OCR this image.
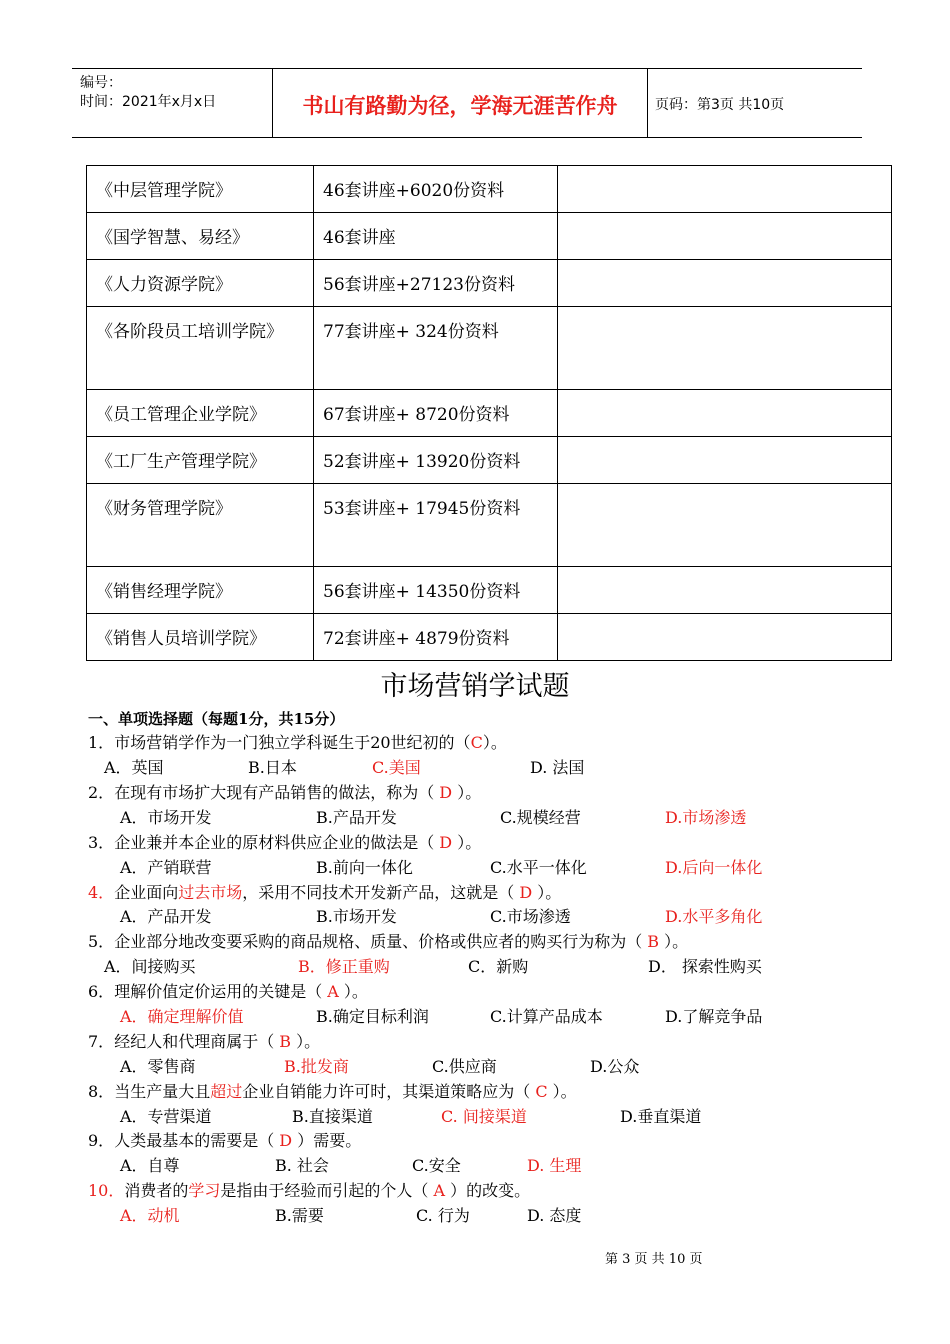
编号：
时间：2021年x月x日	书山有路勤为径，学海无涯苦作舟	页码：第3页 共10页
《中层管理学院》	46套讲座+6020份资料	
《国学智慧、易经》	46套讲座	
《人力资源学院》	56套讲座+27123份资料	
《各阶段员工培训学院》	77套讲座+ 324份资料	
《员工管理企业学院》	67套讲座+ 8720份资料	
《工厂生产管理学院》	52套讲座+ 13920份资料	
《财务管理学院》	53套讲座+ 17945份资料	
《销售经理学院》	56套讲座+ 14350份资料	
《销售人员培训学院》	72套讲座+ 4879份资料	
市场营销学试题
一、单项选择题（每题1分，共15分）
1．市场营销学作为一门独立学科诞生于20世纪初的（C）。
A．英国	B.日本	C.美国	D. 法国
2．在现有市场扩大现有产品销售的做法，称为（ D ）。
A．市场开发	B.产品开发	C.规模经营	D.市场渗透
3．企业兼并本企业的原材料供应企业的做法是（ D ）。
A．产销联营	B.前向一体化	C.水平一体化	D.后向一体化
4．企业面向过去市场，采用不同技术开发新产品，这就是（ D ）。
A．产品开发	B.市场开发	C.市场渗透	D.水平多角化
5．企业部分地改变要采购的商品规格、质量、价格或供应者的购买行为称为（ B ）。
A．间接购买	B．修正重购	C．新购	D． 探索性购买
6．理解价值定价运用的关键是（ A ）。
A．确定理解价值	B.确定目标利润	C.计算产品成本	D.了解竞争品
7．经纪人和代理商属于（ B ）。
A．零售商	B.批发商	C.供应商	D.公众
8．当生产量大且超过企业自销能力许可时，其渠道策略应为（ C ）。
A．专营渠道	B.直接渠道	C. 间接渠道	D.垂直渠道
9．人类最基本的需要是（ D ）需要。
A．自尊	B. 社会	C.安全	D. 生理
10．消费者的学习是指由于经验而引起的个人（ A ）的改变。
A．动机	B.需要	C. 行为	D. 态度
第 3 页 共 10 页
